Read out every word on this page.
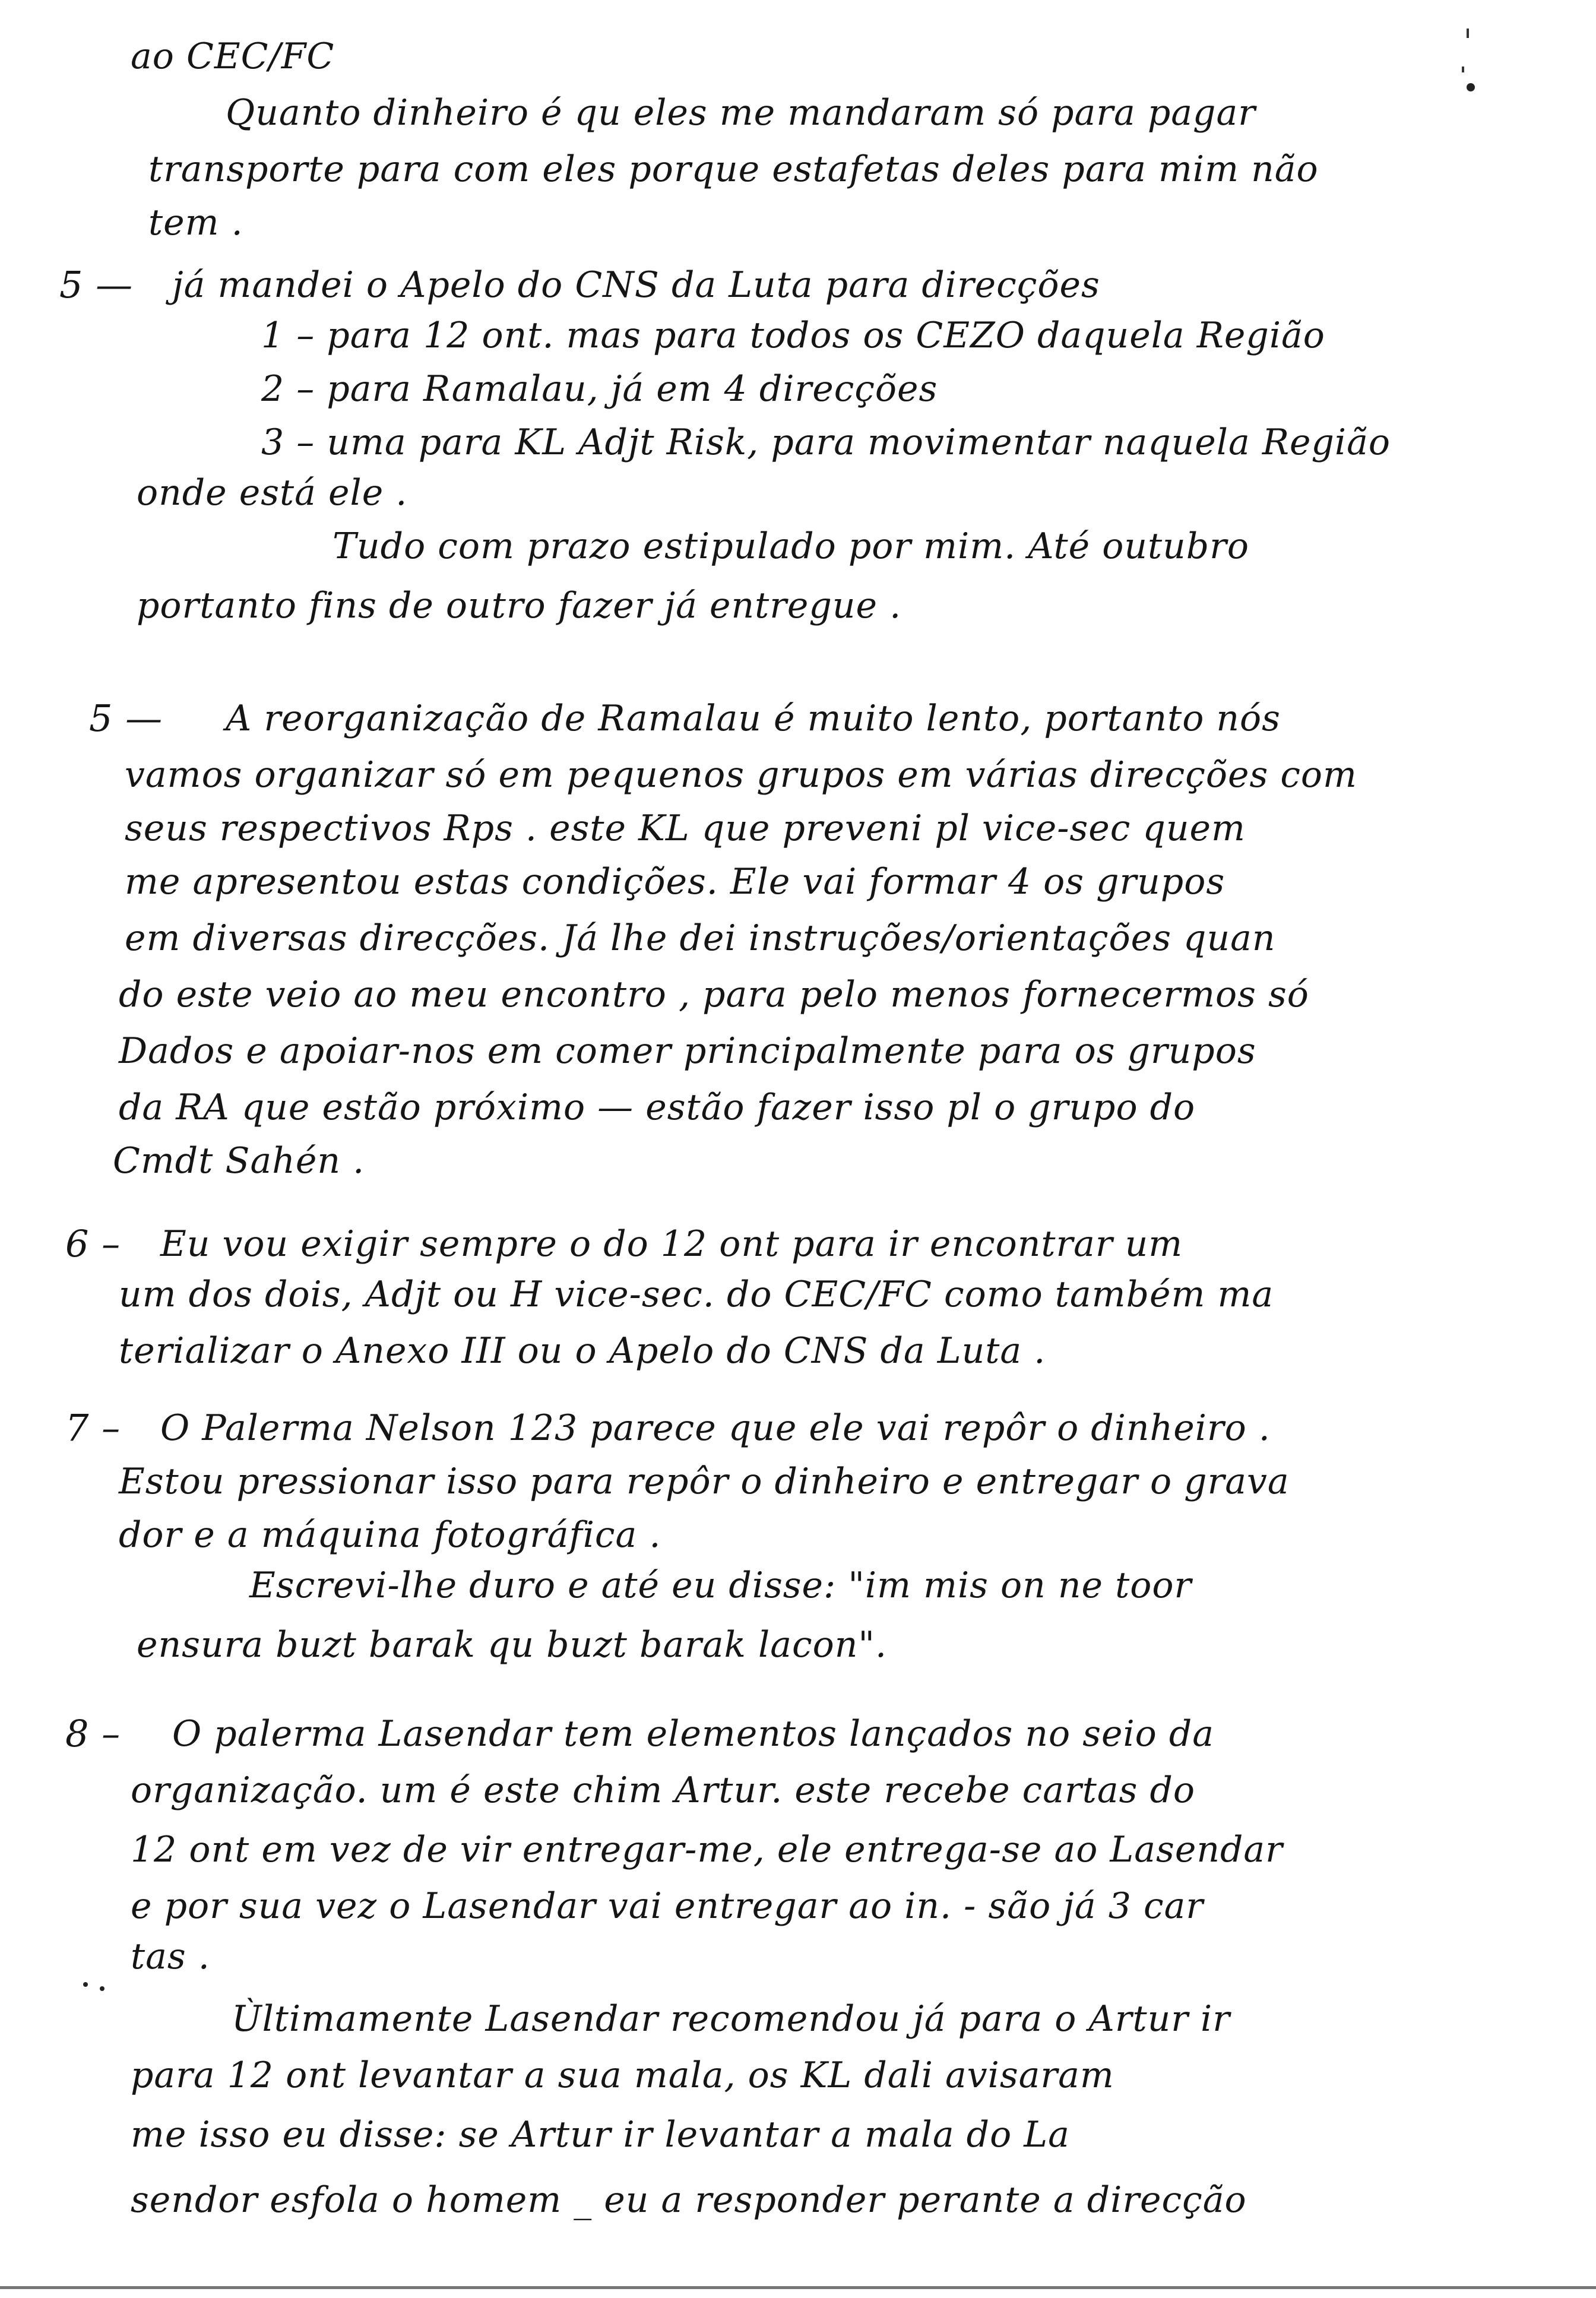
ao CEC/FC
Quanto dinheiro é qu eles me mandaram só para pagar
transporte para com eles porque estafetas deles para mim não
tem .
5 — já mandei o Apelo do CNS da Luta para direcções
1 – para 12 ont. mas para todos os CEZO daquela Região
2 – para Ramalau, já em 4 direcções
3 – uma para KL Adjt Risk, para movimentar naquela Região
onde está ele .
Tudo com prazo estipulado por mim. Até outubro
portanto fins de outro fazer já entregue .
5 — A reorganização de Ramalau é muito lento, portanto nós
vamos organizar só em pequenos grupos em várias direcções com
seus respectivos Rps . este KL que preveni pl vice-sec quem
me apresentou estas condições. Ele vai formar 4 os grupos
em diversas direcções. Já lhe dei instruções/orientações quan
do este veio ao meu encontro , para pelo menos fornecermos só
Dados e apoiar-nos em comer principalmente para os grupos
da RA que estão próximo — estão fazer isso pl o grupo do
Cmdt Sahén .
6 – Eu vou exigir sempre o do 12 ont para ir encontrar um
um dos dois, Adjt ou H vice-sec. do CEC/FC como também ma
terializar o Anexo III ou o Apelo do CNS da Luta .
7 – O Palerma Nelson 123 parece que ele vai repôr o dinheiro .
Estou pressionar isso para repôr o dinheiro e entregar o grava
dor e a máquina fotográfica .
Escrevi-lhe duro e até eu disse: "im mis on ne toor
ensura buzt barak qu buzt barak lacon".
8 – O palerma Lasendar tem elementos lançados no seio da
organização. um é este chim Artur. este recebe cartas do
12 ont em vez de vir entregar-me, ele entrega-se ao Lasendar
e por sua vez o Lasendar vai entregar ao in. - são já 3 car
tas .
Ùltimamente Lasendar recomendou já para o Artur ir
para 12 ont levantar a sua mala, os KL dali avisaram
me isso eu disse: se Artur ir levantar a mala do La
sendor esfola o homem _ eu a responder perante a direcção
